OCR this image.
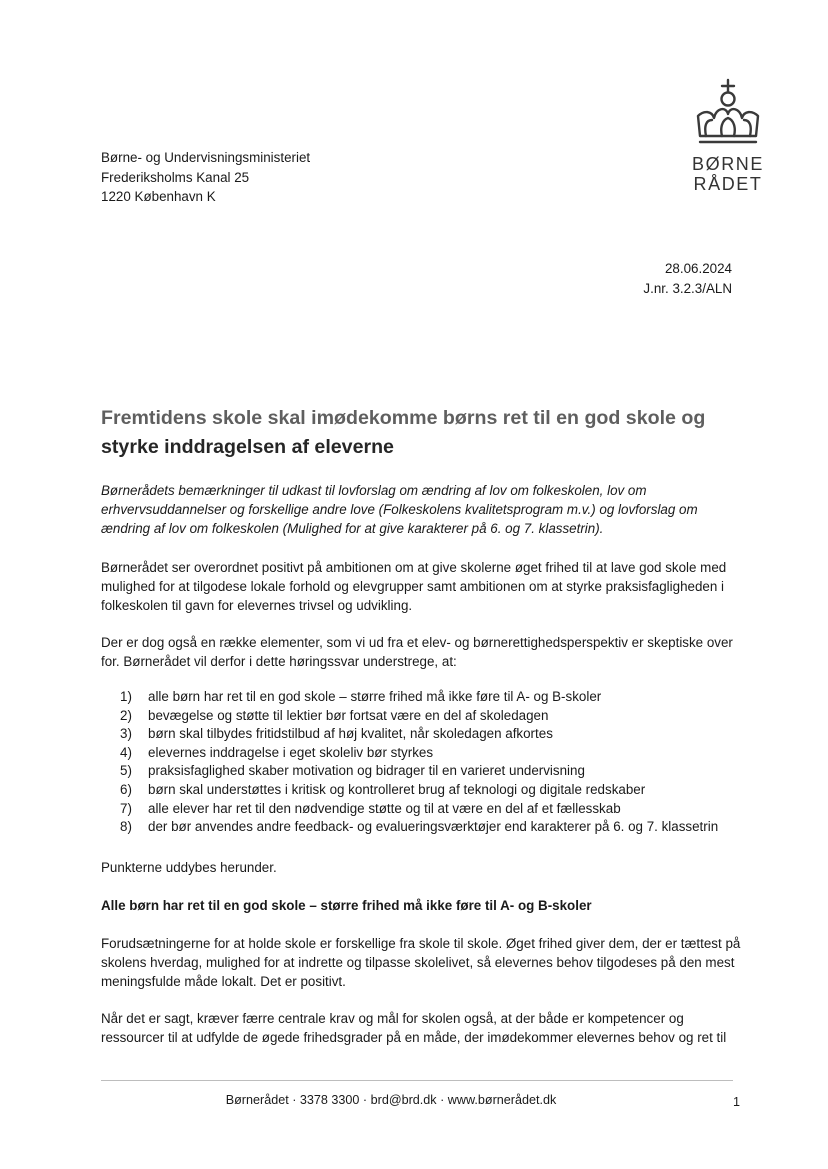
BØRNE
RÅDET
Børne- og Undervisningsministeriet
Frederiksholms Kanal 25
1220 København K
28.06.2024
J.nr. 3.2.3/ALN
Fremtidens skole skal imødekomme børns ret til en god skole og
styrke inddragelsen af eleverne
Børnerådets bemærkninger til udkast til lovforslag om ændring af lov om folkeskolen, lov om erhvervsuddannelser og forskellige andre love (Folkeskolens kvalitetsprogram m.v.) og lovforslag om ændring af lov om folkeskolen (Mulighed for at give karakterer på 6. og 7. klassetrin).
Børnerådet ser overordnet positivt på ambitionen om at give skolerne øget frihed til at lave god skole med mulighed for at tilgodese lokale forhold og elevgrupper samt ambitionen om at styrke praksisfagligheden i folkeskolen til gavn for elevernes trivsel og udvikling.
Der er dog også en række elementer, som vi ud fra et elev- og børnerettighedsperspektiv er skeptiske over for. Børnerådet vil derfor i dette høringssvar understrege, at:
1) alle børn har ret til en god skole – større frihed må ikke føre til A- og B-skoler
2) bevægelse og støtte til lektier bør fortsat være en del af skoledagen
3) børn skal tilbydes fritidstilbud af høj kvalitet, når skoledagen afkortes
4) elevernes inddragelse i eget skoleliv bør styrkes
5) praksisfaglighed skaber motivation og bidrager til en varieret undervisning
6) børn skal understøttes i kritisk og kontrolleret brug af teknologi og digitale redskaber
7) alle elever har ret til den nødvendige støtte og til at være en del af et fællesskab
8) der bør anvendes andre feedback- og evalueringsværktøjer end karakterer på 6. og 7. klassetrin
Punkterne uddybes herunder.
Alle børn har ret til en god skole – større frihed må ikke føre til A- og B-skoler
Forudsætningerne for at holde skole er forskellige fra skole til skole. Øget frihed giver dem, der er tættest på skolens hverdag, mulighed for at indrette og tilpasse skolelivet, så elevernes behov tilgodeses på den mest meningsfulde måde lokalt. Det er positivt.
Når det er sagt, kræver færre centrale krav og mål for skolen også, at der både er kompetencer og ressourcer til at udfylde de øgede frihedsgrader på en måde, der imødekommer elevernes behov og ret til
Børnerådet · 3378 3300 · brd@brd.dk · www.børnerådet.dk	1
